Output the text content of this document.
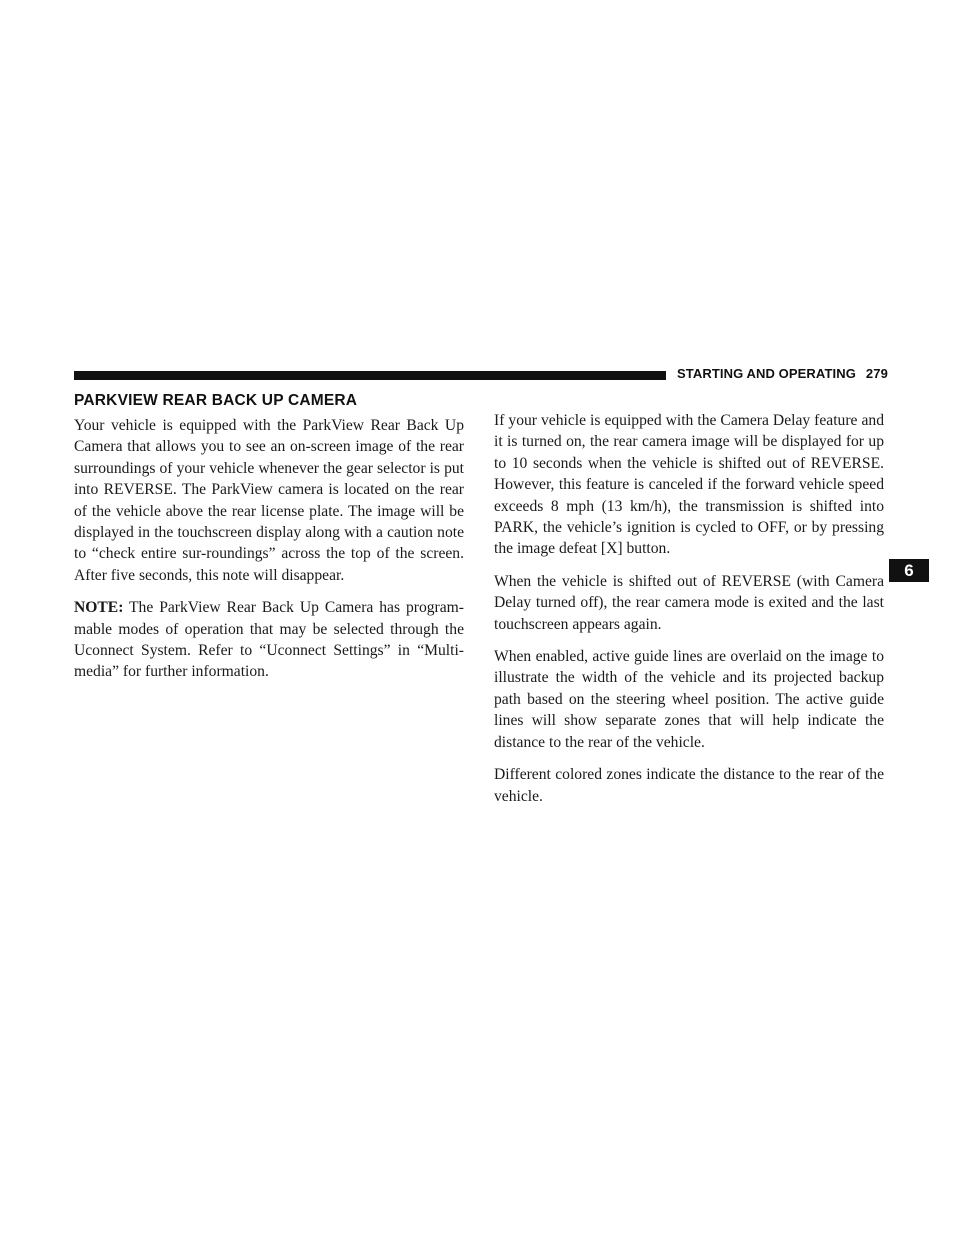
STARTING AND OPERATING 279
6
PARKVIEW REAR BACK UP CAMERA

Your vehicle is equipped with the ParkView Rear Back Up Camera that allows you to see an on-screen image of the rear surroundings of your vehicle whenever the gear selector is put into REVERSE. The ParkView camera is located on the rear of the vehicle above the rear license plate. The image will be displayed in the touchscreen display along with a caution note to “check entire sur-roundings” across the top of the screen. After five seconds, this note will disappear.

NOTE: The ParkView Rear Back Up Camera has program-mable modes of operation that may be selected through the Uconnect System. Refer to “Uconnect Settings” in “Multi-media” for further information.

If your vehicle is equipped with the Camera Delay feature and it is turned on, the rear camera image will be displayed for up to 10 seconds when the vehicle is shifted out of REVERSE. However, this feature is canceled if the forward vehicle speed exceeds 8 mph (13 km/h), the transmission is shifted into PARK, the vehicle’s ignition is cycled to OFF, or by pressing the image defeat [X] button.

When the vehicle is shifted out of REVERSE (with Camera Delay turned off), the rear camera mode is exited and the last touchscreen appears again.

When enabled, active guide lines are overlaid on the image to illustrate the width of the vehicle and its projected backup path based on the steering wheel position. The active guide lines will show separate zones that will help indicate the distance to the rear of the vehicle.

Different colored zones indicate the distance to the rear of the vehicle.
